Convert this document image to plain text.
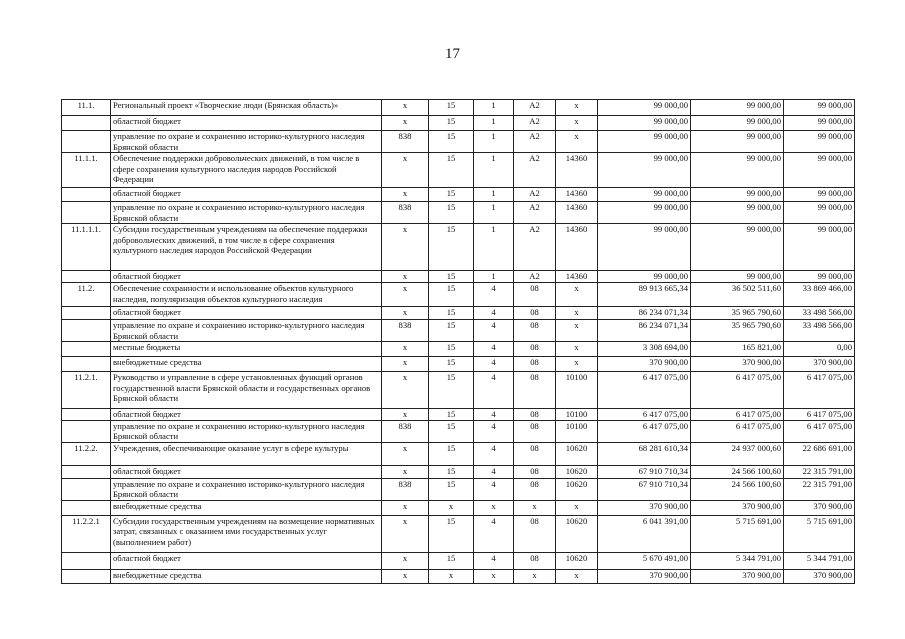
17
11.1.	Региональный проект «Творческие люди (Брянская область)»	x	15	1	A2	x	99 000,00	99 000,00	99 000,00
	областной бюджет	x	15	1	A2	x	99 000,00	99 000,00	99 000,00
	управление по охране и сохранению историко-культурного наследия Брянской области	838	15	1	A2	x	99 000,00	99 000,00	99 000,00
11.1.1.	Обеспечение поддержки добровольческих движений, в том числе в сфере сохранения культурного наследия народов Российской Федерации	x	15	1	A2	14360	99 000,00	99 000,00	99 000,00
	областной бюджет	x	15	1	A2	14360	99 000,00	99 000,00	99 000,00
	управление по охране и сохранению историко-культурного наследия Брянской области	838	15	1	A2	14360	99 000,00	99 000,00	99 000,00
11.1.1.1.	Субсидии государственным учреждениям на обеспечение поддержки добровольческих движений, в том числе в сфере сохранения культурного наследия народов Российской Федерации	x	15	1	A2	14360	99 000,00	99 000,00	99 000,00
	областной бюджет	x	15	1	A2	14360	99 000,00	99 000,00	99 000,00
11.2.	Обеспечение сохранности и использование объектов культурного наследия, популяризация объектов культурного наследия	x	15	4	08	x	89 913 665,34	36 502 511,60	33 869 466,00
	областной бюджет	x	15	4	08	x	86 234 071,34	35 965 790,60	33 498 566,00
	управление по охране и сохранению историко-культурного наследия Брянской области	838	15	4	08	x	86 234 071,34	35 965 790,60	33 498 566,00
	местные бюджеты	x	15	4	08	x	3 308 694,00	165 821,00	0,00
	внебюджетные средства	x	15	4	08	x	370 900,00	370 900,00	370 900,00
11.2.1.	Руководство и управление в сфере установленных функций органов государственной власти Брянской области и государственных органов Брянской области	x	15	4	08	10100	6 417 075,00	6 417 075,00	6 417 075,00
	областной бюджет	x	15	4	08	10100	6 417 075,00	6 417 075,00	6 417 075,00
	управление по охране и сохранению историко-культурного наследия Брянской области	838	15	4	08	10100	6 417 075,00	6 417 075,00	6 417 075,00
11.2.2.	Учреждения, обеспечивающие оказание услуг в сфере культуры	x	15	4	08	10620	68 281 610,34	24 937 000,60	22 686 691,00
	областной бюджет	x	15	4	08	10620	67 910 710,34	24 566 100,60	22 315 791,00
	управление по охране и сохранению историко-культурного наследия Брянской области	838	15	4	08	10620	67 910 710,34	24 566 100,60	22 315 791,00
	внебюджетные средства	x	x	x	x	x	370 900,00	370 900,00	370 900,00
11.2.2.1	Субсидии государственным учреждениям на возмещение нормативных затрат, связанных с оказанием ими государственных услуг (выполнением работ)	x	15	4	08	10620	6 041 391,00	5 715 691,00	5 715 691,00
	областной бюджет	x	15	4	08	10620	5 670 491,00	5 344 791,00	5 344 791,00
	внебюджетные средства	x	x	x	x	x	370 900,00	370 900,00	370 900,00
